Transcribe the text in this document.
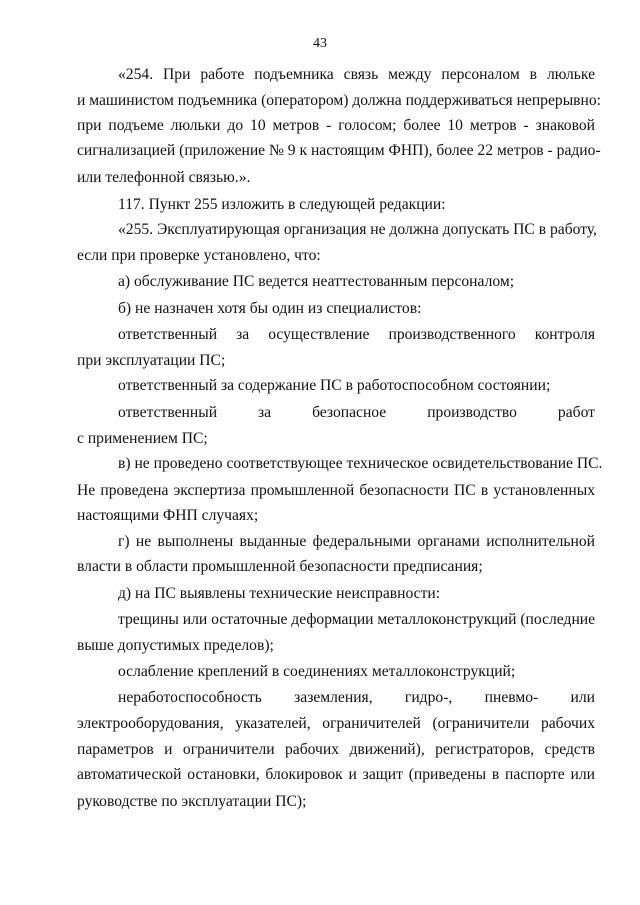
43
«254. При работе подъемника связь между персоналом в люльке
и машинистом подъемника (оператором) должна поддерживаться непрерывно:
при подъеме люльки до 10 метров - голосом; более 10 метров - знаковой
сигнализацией (приложение № 9 к настоящим ФНП), более 22 метров - радио-
или телефонной связью.».
117. Пункт 255 изложить в следующей редакции:
«255. Эксплуатирующая организация не должна допускать ПС в работу,
если при проверке установлено, что:
а) обслуживание ПС ведется неаттестованным персоналом;
б) не назначен хотя бы один из специалистов:
ответственный за осуществление производственного контроля
при эксплуатации ПС;
ответственный за содержание ПС в работоспособном состоянии;
ответственный за безопасное производство работ
с применением ПС;
в) не проведено соответствующее техническое освидетельствование ПС.
Не проведена экспертиза промышленной безопасности ПС в установленных
настоящими ФНП случаях;
г) не выполнены выданные федеральными органами исполнительной
власти в области промышленной безопасности предписания;
д) на ПС выявлены технические неисправности:
трещины или остаточные деформации металлоконструкций (последние
выше допустимых пределов);
ослабление креплений в соединениях металлоконструкций;
неработоспособность заземления, гидро-, пневмо- или
электрооборудования, указателей, ограничителей (ограничители рабочих
параметров и ограничители рабочих движений), регистраторов, средств
автоматической остановки, блокировок и защит (приведены в паспорте или
руководстве по эксплуатации ПС);
